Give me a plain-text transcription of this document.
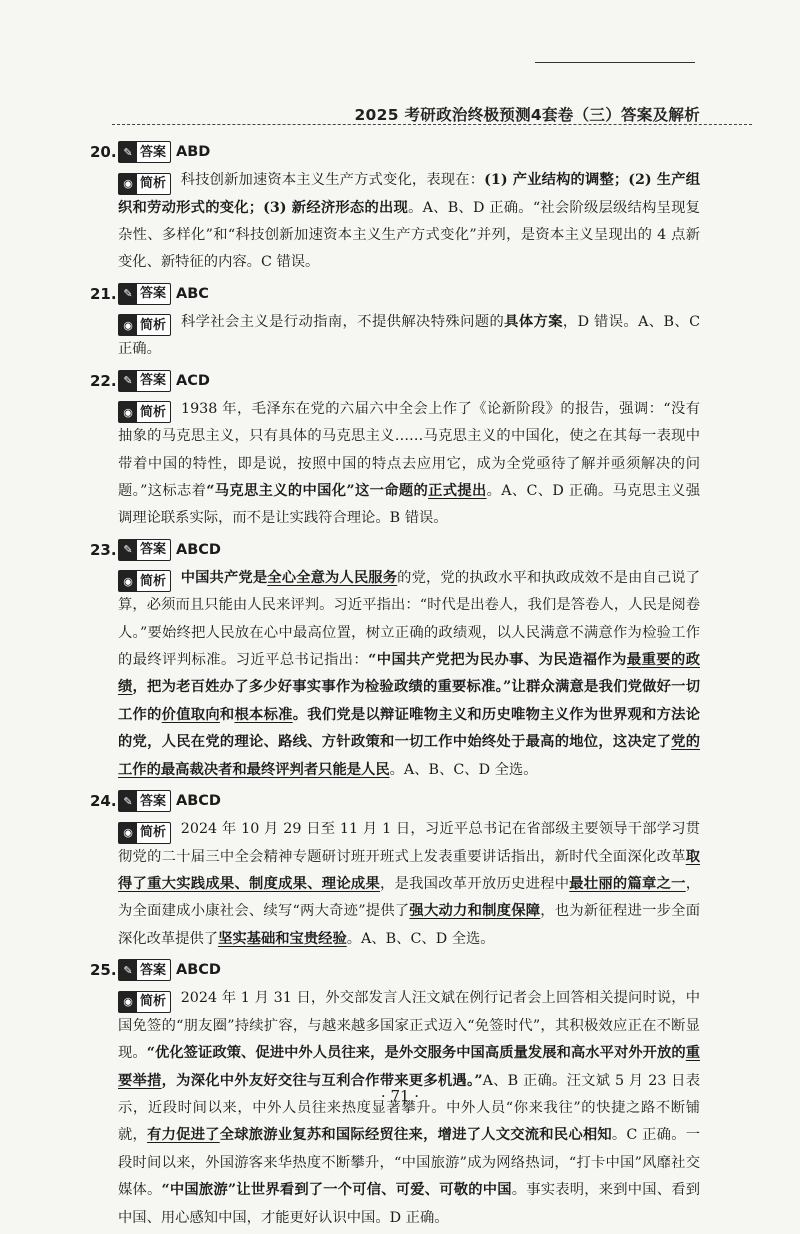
2025 考研政治终极预测4套卷（三）答案及解析
20. ✎ 答案 ABD
◉ 简析 科技创新加速资本主义生产方式变化，表现在：(1) 产业结构的调整；(2) 生产组织和劳动形式的变化；(3) 新经济形态的出现。A、B、D 正确。“社会阶级层级结构呈现复杂性、多样化”和“科技创新加速资本主义生产方式变化”并列，是资本主义呈现出的 4 点新变化、新特征的内容。C 错误。
21. ✎ 答案 ABC
◉ 简析 科学社会主义是行动指南，不提供解决特殊问题的具体方案，D 错误。A、B、C 正确。
22. ✎ 答案 ACD
◉ 简析 1938 年，毛泽东在党的六届六中全会上作了《论新阶段》的报告，强调：“没有抽象的马克思主义，只有具体的马克思主义……马克思主义的中国化，使之在其每一表现中带着中国的特性，即是说，按照中国的特点去应用它，成为全党亟待了解并亟须解决的问题。”这标志着“马克思主义的中国化”这一命题的正式提出。A、C、D 正确。马克思主义强调理论联系实际，而不是让实践符合理论。B 错误。
23. ✎ 答案 ABCD
◉ 简析 中国共产党是全心全意为人民服务的党，党的执政水平和执政成效不是由自己说了算，必须而且只能由人民来评判。习近平指出：“时代是出卷人，我们是答卷人，人民是阅卷人。”要始终把人民放在心中最高位置，树立正确的政绩观，以人民满意不满意作为检验工作的最终评判标准。习近平总书记指出：“中国共产党把为民办事、为民造福作为最重要的政绩，把为老百姓办了多少好事实事作为检验政绩的重要标准。”让群众满意是我们党做好一切工作的价值取向和根本标准。我们党是以辩证唯物主义和历史唯物主义作为世界观和方法论的党，人民在党的理论、路线、方针政策和一切工作中始终处于最高的地位，这决定了党的工作的最高裁决者和最终评判者只能是人民。A、B、C、D 全选。
24. ✎ 答案 ABCD
◉ 简析 2024 年 10 月 29 日至 11 月 1 日，习近平总书记在省部级主要领导干部学习贯彻党的二十届三中全会精神专题研讨班开班式上发表重要讲话指出，新时代全面深化改革取得了重大实践成果、制度成果、理论成果，是我国改革开放历史进程中最壮丽的篇章之一，为全面建成小康社会、续写“两大奇迹”提供了强大动力和制度保障，也为新征程进一步全面深化改革提供了坚实基础和宝贵经验。A、B、C、D 全选。
25. ✎ 答案 ABCD
◉ 简析 2024 年 1 月 31 日，外交部发言人汪文斌在例行记者会上回答相关提问时说，中国免签的“朋友圈”持续扩容，与越来越多国家正式迈入“免签时代”，其积极效应正在不断显现。“优化签证政策、促进中外人员往来，是外交服务中国高质量发展和高水平对外开放的重要举措，为深化中外友好交往与互利合作带来更多机遇。”A、B 正确。汪文斌 5 月 23 日表示，近段时间以来，中外人员往来热度显著攀升。中外人员“你来我往”的快捷之路不断铺就，有力促进了全球旅游业复苏和国际经贸往来，增进了人文交流和民心相知。C 正确。一段时间以来，外国游客来华热度不断攀升，“中国旅游”成为网络热词，“打卡中国”风靡社交媒体。“中国旅游”让世界看到了一个可信、可爱、可敬的中国。事实表明，来到中国、看到中国、用心感知中国，才能更好认识中国。D 正确。
· 71 ·
